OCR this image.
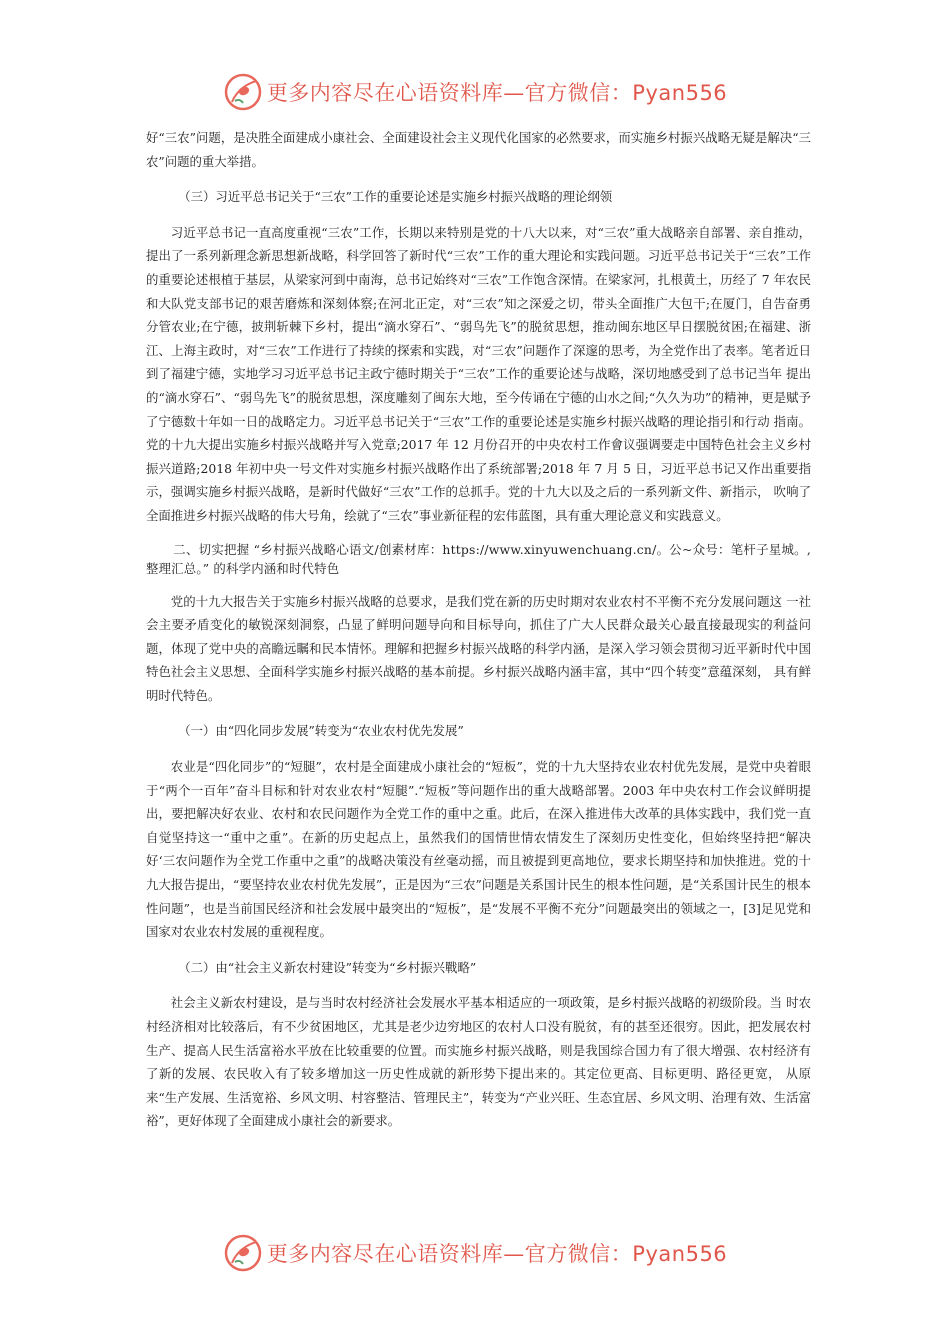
更多内容尽在心语资料库—官方微信：Pyan556

好“三农”问题，是决胜全面建成小康社会、全面建设社会主义现代化国家的必然要求，而实施乡村振兴战略无疑是解决“三农”问题的重大举措。

（三）习近平总书记关于“三农”工作的重要论述是实施乡村振兴战略的理论纲领

习近平总书记一直高度重视“三农”工作，长期以来特别是党的十八大以来，对“三农”重大战略亲自部署、亲自推动，提出了一系列新理念新思想新战略，科学回答了新时代“三农”工作的重大理论和实践问题。习近平总书记关于“三农”工作的重要论述根植于基层，从梁家河到中南海，总书记始终对“三农”工作饱含深情。在梁家河，扎根黄土，历经了 7 年农民和大队党支部书记的艰苦磨炼和深刻体察;在河北正定，对“三农”知之深爱之切，带头全面推广大包干;在厦门，自告奋勇分管农业;在宁德，披荆斩棘下乡村，提出“滴水穿石”、“弱鸟先飞”的脱贫思想，推动闽东地区早日摆脱贫困;在福建、浙江、上海主政时，对“三农”工作进行了持续的探索和实践，对“三农”问题作了深邃的思考，为全党作出了表率。笔者近日到了福建宁德，实地学习习近平总书记主政宁德时期关于“三农”工作的重要论述与战略，深切地感受到了总书记当年 提出的“滴水穿石”、“弱鸟先飞”的脱贫思想，深度雕刻了闽东大地，至今传诵在宁德的山水之间;“久久为功”的精神，更是赋予了宁德数十年如一日的战略定力。习近平总书记关于“三农”工作的重要论述是实施乡村振兴战略的理论指引和行动 指南。党的十九大提出实施乡村振兴战略并写入党章;2017 年 12 月份召开的中央农村工作會议强调要走中国特色社会主义乡村振兴道路;2018 年初中央一号文件对实施乡村振兴战略作出了系统部署;2018 年 7 月 5 日，习近平总书记又作出重要指示，强调实施乡村振兴战略，是新时代做好“三农”工作的总抓手。党的十九大以及之后的一系列新文件、新指示， 吹响了全面推进乡村振兴战略的伟大号角，绘就了“三农”事业新征程的宏伟蓝图，具有重大理论意义和实践意义。

二、切实把握 “乡村振兴战略心语文/创素材库：https://www.xinyuwenchuang.cn/。公~众号：笔杆子星城。,整理汇总。” 的科学内涵和时代特色

党的十九大报告关于实施乡村振兴战略的总要求，是我们党在新的历史时期对农业农村不平衡不充分发展问题这 一社会主要矛盾变化的敏锐深刻洞察，凸显了鲜明问题导向和目标导向，抓住了广大人民群众最关心最直接最现实的利益问题，体现了党中央的高瞻远瞩和民本情怀。理解和把握乡村振兴战略的科学内涵，是深入学习领会贯彻习近平新时代中国特色社会主义思想、全面科学实施乡村振兴战略的基本前提。乡村振兴战略内涵丰富，其中“四个转变”意蕴深刻， 具有鲜明时代特色。

（一）由“四化同步发展”转变为“农业农村优先发展”

农业是“四化同步”的“短腿”，农村是全面建成小康社会的“短板”，党的十九大坚持农业农村优先发展，是党中央着眼于“两个一百年”奋斗目标和针对农业农村“短腿”.“短板”等问题作出的重大战略部署。2003 年中央农村工作会议鲜明提出，要把解决好农业、农村和农民问题作为全党工作的重中之重。此后，在深入推进伟大改革的具体实践中，我们党一直自觉坚持这一“重中之重”。在新的历史起点上，虽然我们的国情世情农情发生了深刻历史性变化，但始终坚持把“解决好‘三农问题作为全党工作重中之重”的战略决策没有丝毫动摇，而且被提到更高地位，要求长期坚持和加快推进。党的十九大报告提出，“要坚持农业农村优先发展”，正是因为“三农”问题是关系国计民生的根本性问题，是“关系国计民生的根本性问题”，也是当前国民经济和社会发展中最突出的“短板”，是“发展不平衡不充分”问题最突出的领域之一，[3]足见党和国家对农业农村发展的重视程度。

（二）由“社会主义新农村建设”转变为“乡村振兴戰略”

社会主义新农村建设，是与当时农村经济社会发展水平基本相适应的一项政策，是乡村振兴战略的初级阶段。当 时农村经济相对比较落后，有不少贫困地区，尤其是老少边穷地区的农村人口没有脱贫，有的甚至还很穷。因此，把发展农村生产、提高人民生活富裕水平放在比较重要的位置。而实施乡村振兴战略，则是我国综合国力有了很大增强、农村经济有了新的发展、农民收入有了较多增加这一历史性成就的新形势下提出来的。其定位更高、目标更明、路径更宽， 从原来“生产发展、生活宽裕、乡风文明、村容整洁、管理民主”，转变为“产业兴旺、生态宜居、乡风文明、治理有效、生活富裕”，更好体现了全面建成小康社会的新要求。

更多内容尽在心语资料库—官方微信：Pyan556
